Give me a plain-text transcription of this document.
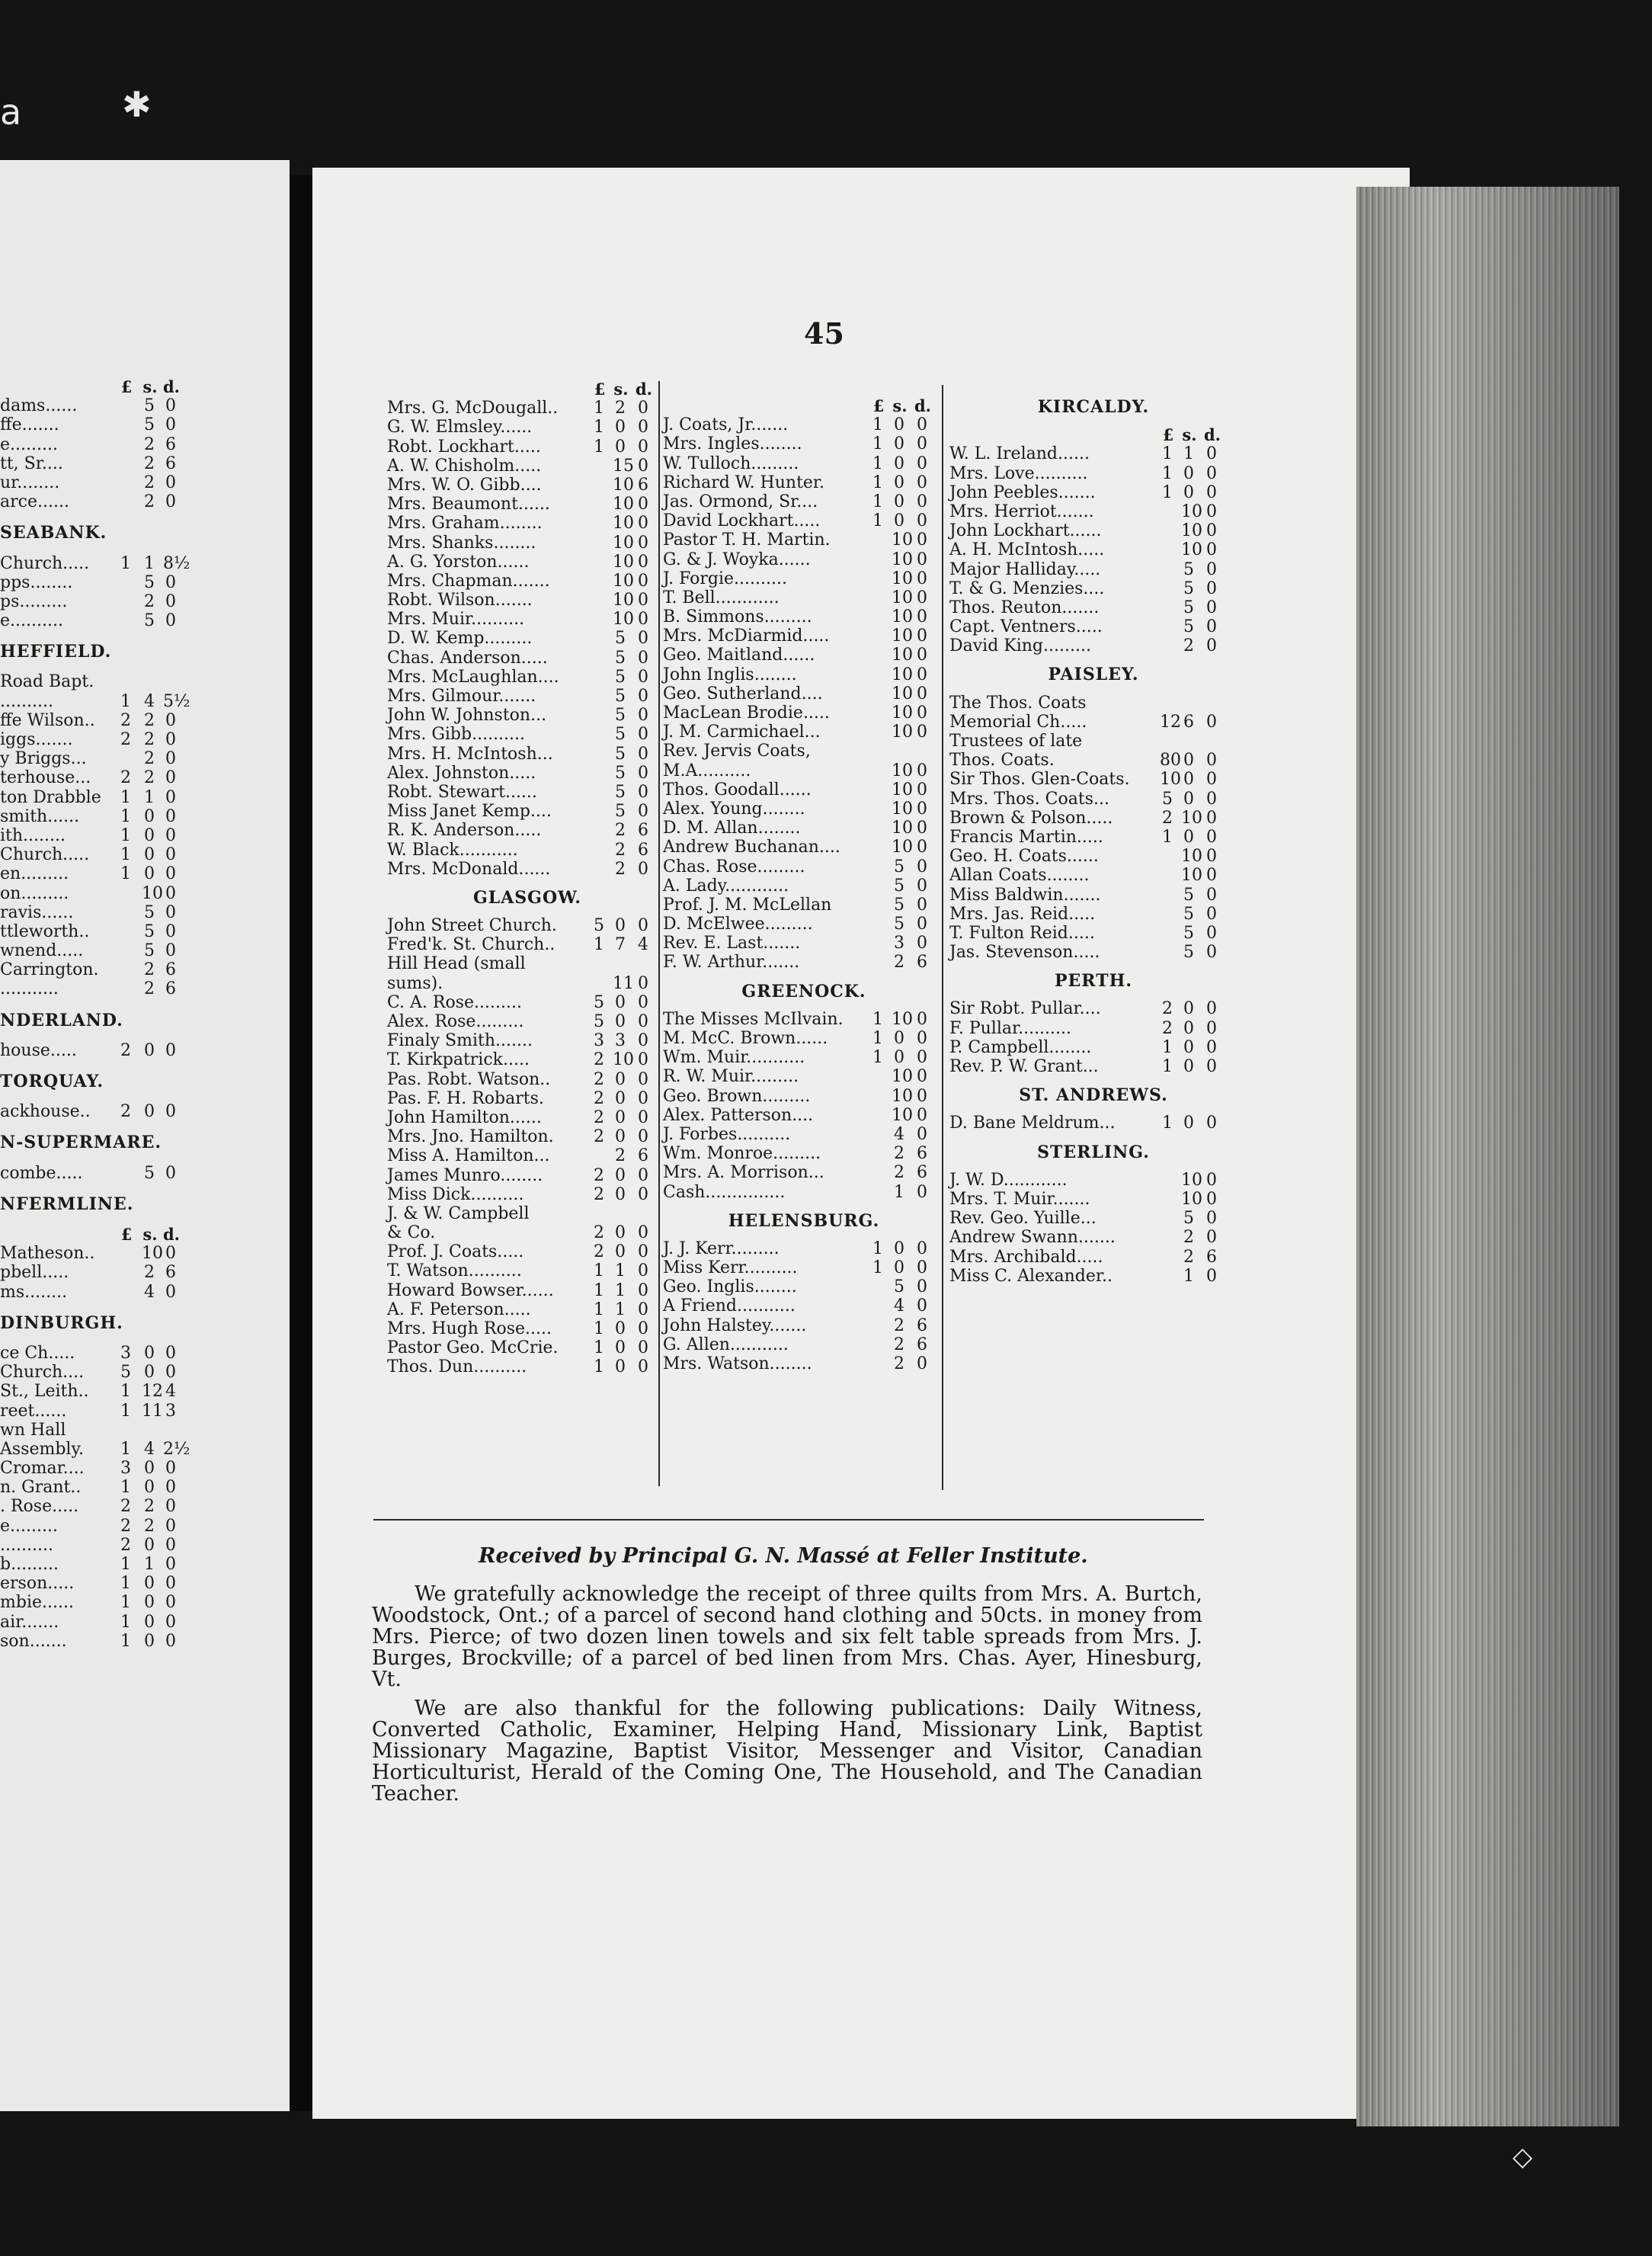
a	✱
◇
45
£ s. d.
dams......	5 0
ffe.......	5 0
e.........	2 6
tt, Sr....	2 6
ur........	2 0
arce......	2 0
SEABANK.
Church..... 1 1 8½
pps........	5 0
ps.........	2 0
e..........	5 0
HEFFIELD.
Road Bapt.
..........	1 4 5½
ffe Wilson.. 2 2 0
iggs.......	2 2 0
y Briggs...	2 0
terhouse... 2 2 0
ton Drabble 1 1 0
smith...... 1 0 0
ith........	1 0 0
Church..... 1 0 0
en.........	1 0 0
on.........	10 0
ravis......	5 0
ttleworth..	5 0
wnend.....	5 0
Carrington.	2 6
...........	2 6
NDERLAND.
house.....	2 0 0
TORQUAY.
ackhouse.. 2 0 0
N-SUPERMARE.
combe.....	5 0
NFERMLINE.
£ s. d.
Matheson..	10 0
pbell.....	2 6
ms........	4 0
DINBURGH.
ce Ch.....	3 0 0
Church.... 5 0 0
St., Leith.. 1 12 4
reet......	1 11 3
wn Hall
Assembly. 1 4 2½
Cromar.... 3 0 0
n. Grant.. 1 0 0
. Rose..... 2 2 0
e.........	2 2 0
..........	2 0 0
b.........	1 1 0
erson.....	1 0 0
mbie......	1 0 0
air.......	1 0 0
son.......	1 0 0
£ s. d.
Mrs. G. McDougall.. 1 2 0
G. W. Elmsley......	1 0 0
Robt. Lockhart.....	1 0 0
A. W. Chisholm.....	15 0
Mrs. W. O. Gibb....	10 6
Mrs. Beaumont......	10 0
Mrs. Graham........	10 0
Mrs. Shanks........	10 0
A. G. Yorston......	10 0
Mrs. Chapman.......	10 0
Robt. Wilson.......	10 0
Mrs. Muir..........	10 0
D. W. Kemp.........	5 0
Chas. Anderson.....	5 0
Mrs. McLaughlan....	5 0
Mrs. Gilmour.......	5 0
John W. Johnston...	5 0
Mrs. Gibb..........	5 0
Mrs. H. McIntosh...	5 0
Alex. Johnston.....	5 0
Robt. Stewart......	5 0
Miss Janet Kemp....	5 0
R. K. Anderson.....	2 6
W. Black...........	2 6
Mrs. McDonald......	2 0
GLASGOW.
John Street Church. 5 0 0
Fred'k. St. Church.. 1 7 4
Hill Head (small
sums).	11 0
C. A. Rose.........	5 0 0
Alex. Rose.........	5 0 0
Finaly Smith.......	3 3 0
T. Kirkpatrick.....	2 10 0
Pas. Robt. Watson..	2 0 0
Pas. F. H. Robarts.	2 0 0
John Hamilton......	2 0 0
Mrs. Jno. Hamilton. 2 0 0
Miss A. Hamilton...	2 6
James Munro........	2 0 0
Miss Dick..........	2 0 0
J. & W. Campbell
& Co.	2 0 0
Prof. J. Coats.....	2 0 0
T. Watson..........	1 1 0
Howard Bowser...... 1 1 0
A. F. Peterson.....	1 1 0
Mrs. Hugh Rose..... 1 0 0
Pastor Geo. McCrie. 1 0 0
Thos. Dun..........	1 0 0
£ s. d.
J. Coats, Jr.......	1 0 0
Mrs. Ingles........	1 0 0
W. Tulloch.........	1 0 0
Richard W. Hunter.	1 0 0
Jas. Ormond, Sr....	1 0 0
David Lockhart.....	1 0 0
Pastor T. H. Martin.	10 0
G. & J. Woyka......	10 0
J. Forgie..........	10 0
T. Bell............	10 0
B. Simmons.........	10 0
Mrs. McDiarmid.....	10 0
Geo. Maitland......	10 0
John Inglis........	10 0
Geo. Sutherland....	10 0
MacLean Brodie.....	10 0
J. M. Carmichael...	10 0
Rev. Jervis Coats,
M.A..........	10 0
Thos. Goodall......	10 0
Alex. Young........	10 0
D. M. Allan........	10 0
Andrew Buchanan....	10 0
Chas. Rose.........	5 0
A. Lady............	5 0
Prof. J. M. McLellan	5 0
D. McElwee.........	5 0
Rev. E. Last.......	3 0
F. W. Arthur.......	2 6
GREENOCK.
The Misses McIlvain. 1 10 0
M. McC. Brown......	1 0 0
Wm. Muir...........	1 0 0
R. W. Muir.........	10 0
Geo. Brown.........	10 0
Alex. Patterson....	10 0
J. Forbes..........	4 0
Wm. Monroe.........	2 6
Mrs. A. Morrison...	2 6
Cash...............	1 0
HELENSBURG.
J. J. Kerr.........	1 0 0
Miss Kerr..........	1 0 0
Geo. Inglis........	5 0
A Friend...........	4 0
John Halstey.......	2 6
G. Allen...........	2 6
Mrs. Watson........	2 0
KIRCALDY.
£ s. d.
W. L. Ireland......	1 1 0
Mrs. Love..........	1 0 0
John Peebles.......	1 0 0
Mrs. Herriot.......	10 0
John Lockhart......	10 0
A. H. McIntosh.....	10 0
Major Halliday.....	5 0
T. & G. Menzies....	5 0
Thos. Reuton.......	5 0
Capt. Ventners.....	5 0
David King.........	2 0
PAISLEY.
The Thos. Coats
Memorial Ch.....	12 6 0
Trustees of late
Thos. Coats.	80 0 0
Sir Thos. Glen-Coats. 10 0 0
Mrs. Thos. Coats...	5 0 0
Brown & Polson.....	2 10 0
Francis Martin.....	1 0 0
Geo. H. Coats......	10 0
Allan Coats........	10 0
Miss Baldwin.......	5 0
Mrs. Jas. Reid.....	5 0
T. Fulton Reid.....	5 0
Jas. Stevenson.....	5 0
PERTH.
Sir Robt. Pullar....	2 0 0
F. Pullar..........	2 0 0
P. Campbell........	1 0 0
Rev. P. W. Grant...	1 0 0
ST. ANDREWS.
D. Bane Meldrum...	1 0 0
STERLING.
J. W. D............	10 0
Mrs. T. Muir.......	10 0
Rev. Geo. Yuille...	5 0
Andrew Swann.......	2 0
Mrs. Archibald.....	2 6
Miss C. Alexander..	1 0
Received by Principal G. N. Massé at Feller Institute.
We gratefully acknowledge the receipt of three quilts from Mrs. A. Burtch, Woodstock, Ont.; of a parcel of second hand clothing and 50cts. in money from Mrs. Pierce; of two dozen linen towels and six felt table spreads from Mrs. J. Burges, Brockville; of a parcel of bed linen from Mrs. Chas. Ayer, Hinesburg, Vt.
We are also thankful for the following publications: Daily Witness, Converted Catholic, Examiner, Helping Hand, Missionary Link, Baptist Missionary Magazine, Baptist Visitor, Messenger and Visitor, Canadian Horticulturist, Herald of the Coming One, The Household, and The Canadian Teacher.
